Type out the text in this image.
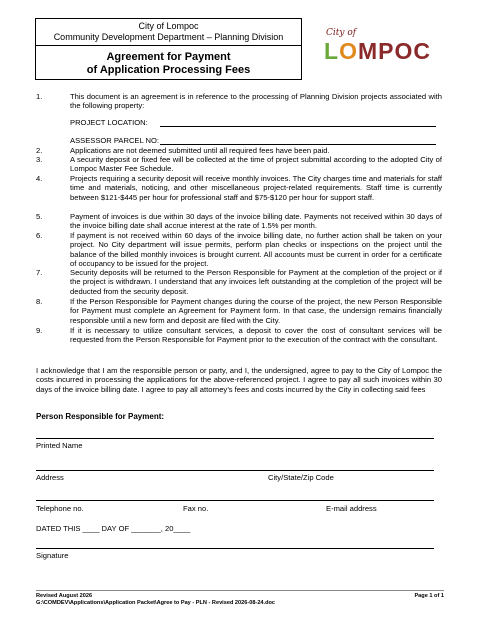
City of Lompoc
Community Development Department – Planning Division
Agreement for Payment
of Application Processing Fees
City of
LOMPOC
1.	This document is an agreement is in reference to the processing of Planning Division projects associated with the following property:
PROJECT LOCATION:
ASSESSOR PARCEL NO:
2.	Applications are not deemed submitted until all required fees have been paid.
3.	A security deposit or fixed fee will be collected at the time of project submittal according to the adopted City of Lompoc Master Fee Schedule.
4.	Projects requiring a security deposit will receive monthly invoices. The City charges time and materials for staff time and materials, noticing, and other miscellaneous project-related requirements. Staff time is currently between $121-$445 per hour for professional staff and $75-$120 per hour for support staff.
5.	Payment of invoices is due within 30 days of the invoice billing date. Payments not received within 30 days of the invoice billing date shall accrue interest at the rate of 1.5% per month.
6.	If payment is not received within 60 days of the invoice billing date, no further action shall be taken on your project. No City department will issue permits, perform plan checks or inspections on the project until the balance of the billed monthly invoices is brought current. All accounts must be current in order for a certificate of occupancy to be issued for the project.
7.	Security deposits will be returned to the Person Responsible for Payment at the completion of the project or if the project is withdrawn. I understand that any invoices left outstanding at the completion of the project will be deducted from the security deposit.
8.	If the Person Responsible for Payment changes during the course of the project, the new Person Responsible for Payment must complete an Agreement for Payment form. In that case, the undersign remains financially responsible until a new form and deposit are filed with the City.
9.	If it is necessary to utilize consultant services, a deposit to cover the cost of consultant services will be requested from the Person Responsible for Payment prior to the execution of the contract with the consultant.
I acknowledge that I am the responsible person or party, and I, the undersigned, agree to pay to the City of Lompoc the costs incurred in processing the applications for the above-referenced project. I agree to pay all such invoices within 30 days of the invoice billing date. I agree to pay all attorney’s fees and costs incurred by the City in collecting said fees
Person Responsible for Payment:
Printed Name
Address	City/State/Zip Code
Telephone no.	Fax no.	E-mail address
DATED THIS ____ DAY OF _______, 20____
Signature
Revised August 2026
G:\COMDEV\Applications\Application Packet\Agree to Pay - PLN - Revised 2026-08-24.doc
Page 1 of 1
